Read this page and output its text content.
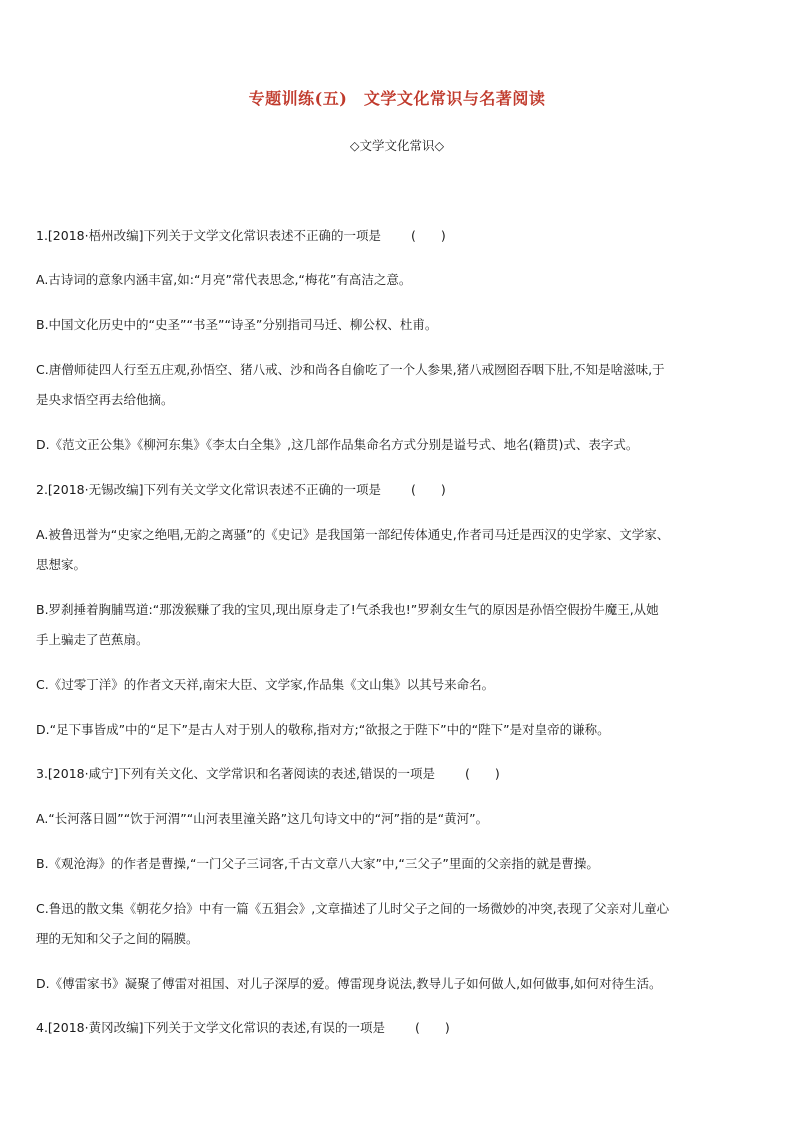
专题训练(五)　文学文化常识与名著阅读
◇文学文化常识◇
1.[2018·梧州改编]下列关于文学文化常识表述不正确的一项是 (　　)
A.古诗词的意象内涵丰富,如:“月亮”常代表思念,“梅花”有高洁之意。
B.中国文化历史中的“史圣”“书圣”“诗圣”分别指司马迁、柳公权、杜甫。
C.唐僧师徒四人行至五庄观,孙悟空、猪八戒、沙和尚各自偷吃了一个人参果,猪八戒囫囵吞咽下肚,不知是啥滋味,于
是央求悟空再去给他摘。
D.《范文正公集》《柳河东集》《李太白全集》,这几部作品集命名方式分别是谥号式、地名(籍贯)式、表字式。
2.[2018·无锡改编]下列有关文学文化常识表述不正确的一项是 (　　)
A.被鲁迅誉为“史家之绝唱,无韵之离骚”的《史记》是我国第一部纪传体通史,作者司马迁是西汉的史学家、文学家、
思想家。
B.罗刹捶着胸脯骂道:“那泼猴赚了我的宝贝,现出原身走了!气杀我也!”罗刹女生气的原因是孙悟空假扮牛魔王,从她
手上骗走了芭蕉扇。
C.《过零丁洋》的作者文天祥,南宋大臣、文学家,作品集《文山集》以其号来命名。
D.“足下事皆成”中的“足下”是古人对于别人的敬称,指对方;“欲报之于陛下”中的“陛下”是对皇帝的谦称。
3.[2018·咸宁]下列有关文化、文学常识和名著阅读的表述,错误的一项是 (　　)
A.“长河落日圆”“饮于河渭”“山河表里潼关路”这几句诗文中的“河”指的是“黄河”。
B.《观沧海》的作者是曹操,“一门父子三词客,千古文章八大家”中,“三父子”里面的父亲指的就是曹操。
C.鲁迅的散文集《朝花夕拾》中有一篇《五猖会》,文章描述了儿时父子之间的一场微妙的冲突,表现了父亲对儿童心
理的无知和父子之间的隔膜。
D.《傅雷家书》凝聚了傅雷对祖国、对儿子深厚的爱。傅雷现身说法,教导儿子如何做人,如何做事,如何对待生活。
4.[2018·黄冈改编]下列关于文学文化常识的表述,有误的一项是 (　　)
